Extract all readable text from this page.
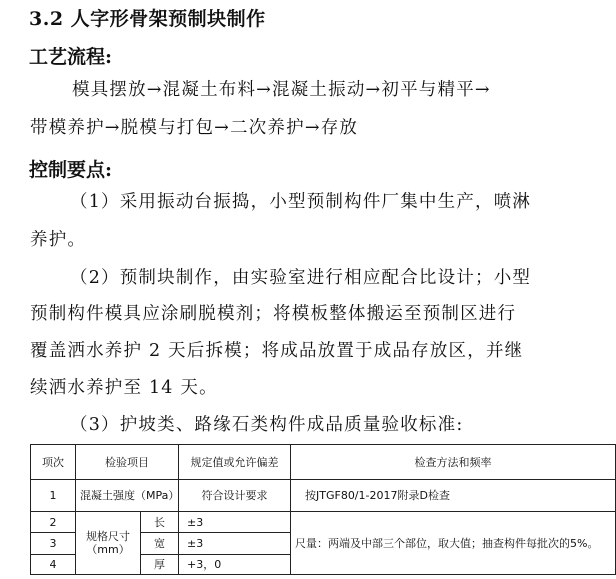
3.2 人字形骨架预制块制作
工艺流程:
模具摆放→混凝土布料→混凝土振动→初平与精平→
带模养护→脱模与打包→二次养护→存放
控制要点:
（1）采用振动台振捣，小型预制构件厂集中生产，喷淋
养护。
（2）预制块制作，由实验室进行相应配合比设计；小型
预制构件模具应涂刷脱模剂；将模板整体搬运至预制区进行
覆盖洒水养护 2 天后拆模；将成品放置于成品存放区，并继
续洒水养护至 14 天。
（3）护坡类、路缘石类构件成品质量验收标准:
项次	检验项目		规定值或允许偏差	检查方法和频率
1	混凝土强度（MPa）		符合设计要求	按JTGF80/1-2017附录D检查
2	规格尺寸（mm）	长	±3	尺量：两端及中部三个部位，取大值；抽查构件每批次的5%。
3		宽	±3	
4		厚	+3，0	
